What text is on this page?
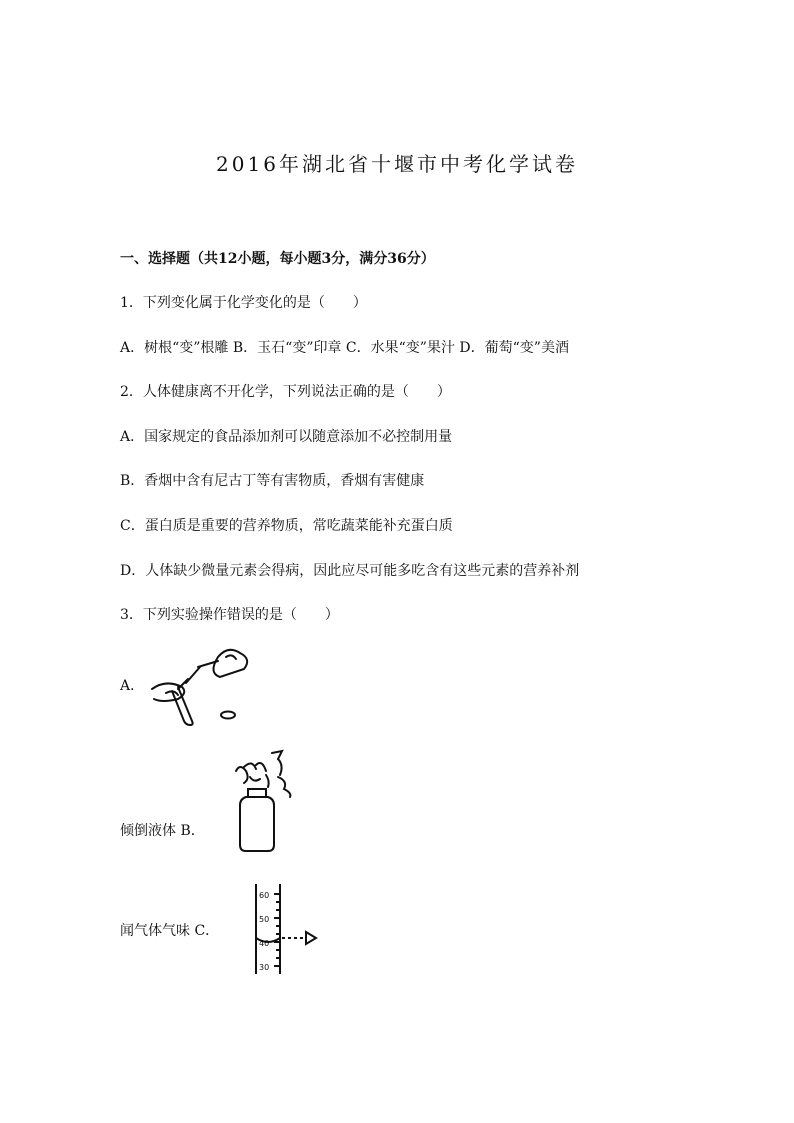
2016年湖北省十堰市中考化学试卷
一、选择题（共12小题，每小题3分，满分36分）
1．下列变化属于化学变化的是（　　）
A．树根“变”根雕 B．玉石“变”印章 C．水果“变”果汁 D．葡萄“变”美酒
2．人体健康离不开化学，下列说法正确的是（　　）
A．国家规定的食品添加剂可以随意添加不必控制用量
B．香烟中含有尼古丁等有害物质，香烟有害健康
C．蛋白质是重要的营养物质，常吃蔬菜能补充蛋白质
D．人体缺少微量元素会得病，因此应尽可能多吃含有这些元素的营养补剂
3．下列实验操作错误的是（　　）
A．
倾倒液体 B．
闻气体气味 C．
60
50
40
30
